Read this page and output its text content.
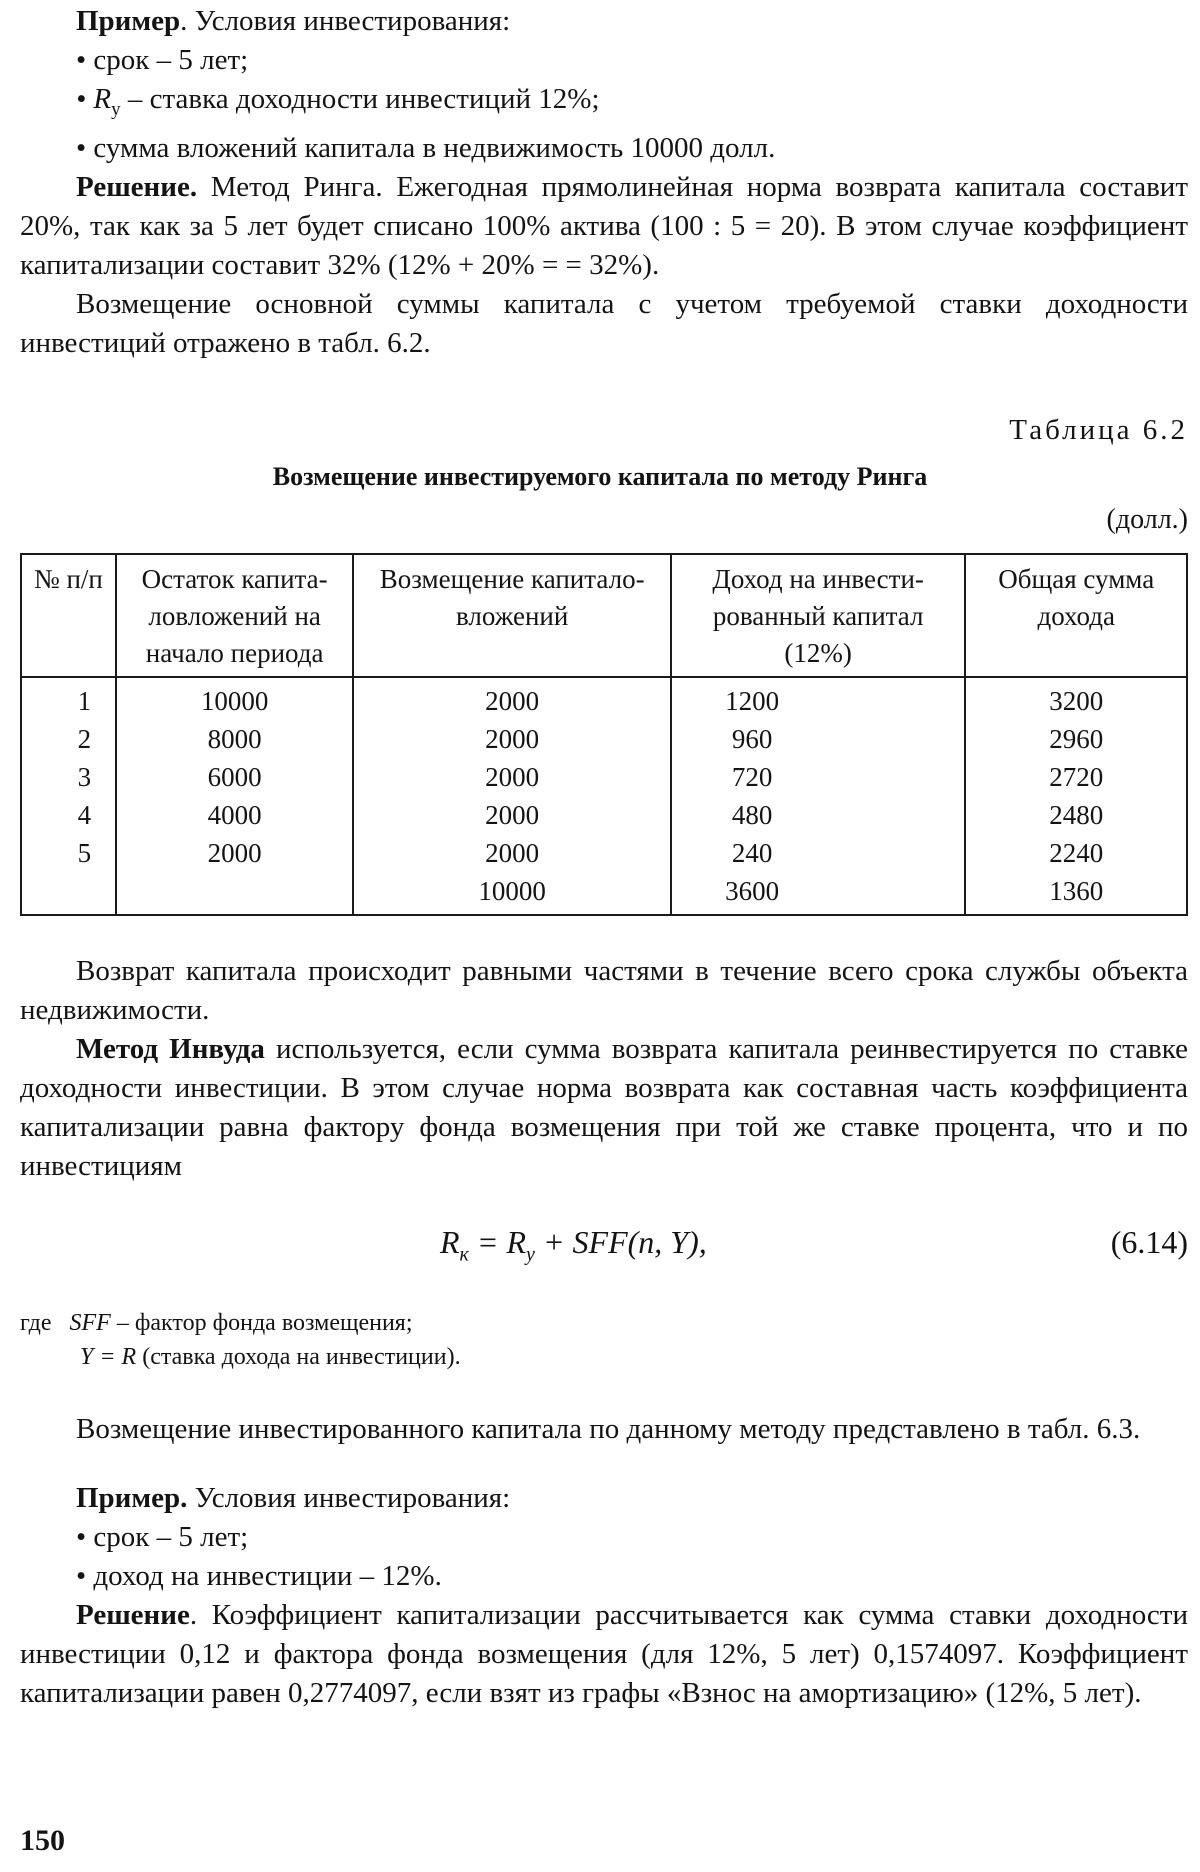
Пример. Условия инвестирования:

• срок – 5 лет;

• $R_у$ – ставка доходности инвестиций 12%;

• сумма вложений капитала в недвижимость 10000 долл.

Решение. Метод Ринга. Ежегодная прямолинейная норма возврата капитала составит 20%, так как за 5 лет будет списано 100% актива (100 : 5 = 20). В этом случае коэффициент капитализации составит 32% (12% + 20% = = 32%).

Возмещение основной суммы капитала с учетом требуемой ставки доходности инвестиций отражено в табл. 6.2.

Таблица 6.2
Возмещение инвестируемого капитала по методу Ринга
(долл.)
№ п/п	Остаток капита- ловложений на начало периода	Возмещение капитало- вложений	Доход на инвести- рованный капитал (12%)	Общая сумма дохода
1	10000	2000	1200	3200
2	8000	2000	960	2960
3	6000	2000	720	2720
4	4000	2000	480	2480
5	2000	2000	240	2240
		10000	3600	1360

Возврат капитала происходит равными частями в течение всего срока службы объекта недвижимости.

Метод Инвуда используется, если сумма возврата капитала реинвестируется по ставке доходности инвестиции. В этом случае норма возврата как составная часть коэффициента капитализации равна фактору фонда возмещения при той же ставке процента, что и по инвестициям

$R_к = R_у + SFF(n$, Y),	(6.14)

где SFF – фактор фонда возмещения;

Y = R (ставка дохода на инвестиции).

Возмещение инвестированного капитала по данному методу представлено в табл. 6.3.

Пример. Условия инвестирования:

• срок – 5 лет;

• доход на инвестиции – 12%.

Решение. Коэффициент капитализации рассчитывается как сумма ставки доходности инвестиции 0,12 и фактора фонда возмещения (для 12%, 5 лет) 0,1574097. Коэффициент капитализации равен 0,2774097, если взят из графы «Взнос на амортизацию» (12%, 5 лет).

150
